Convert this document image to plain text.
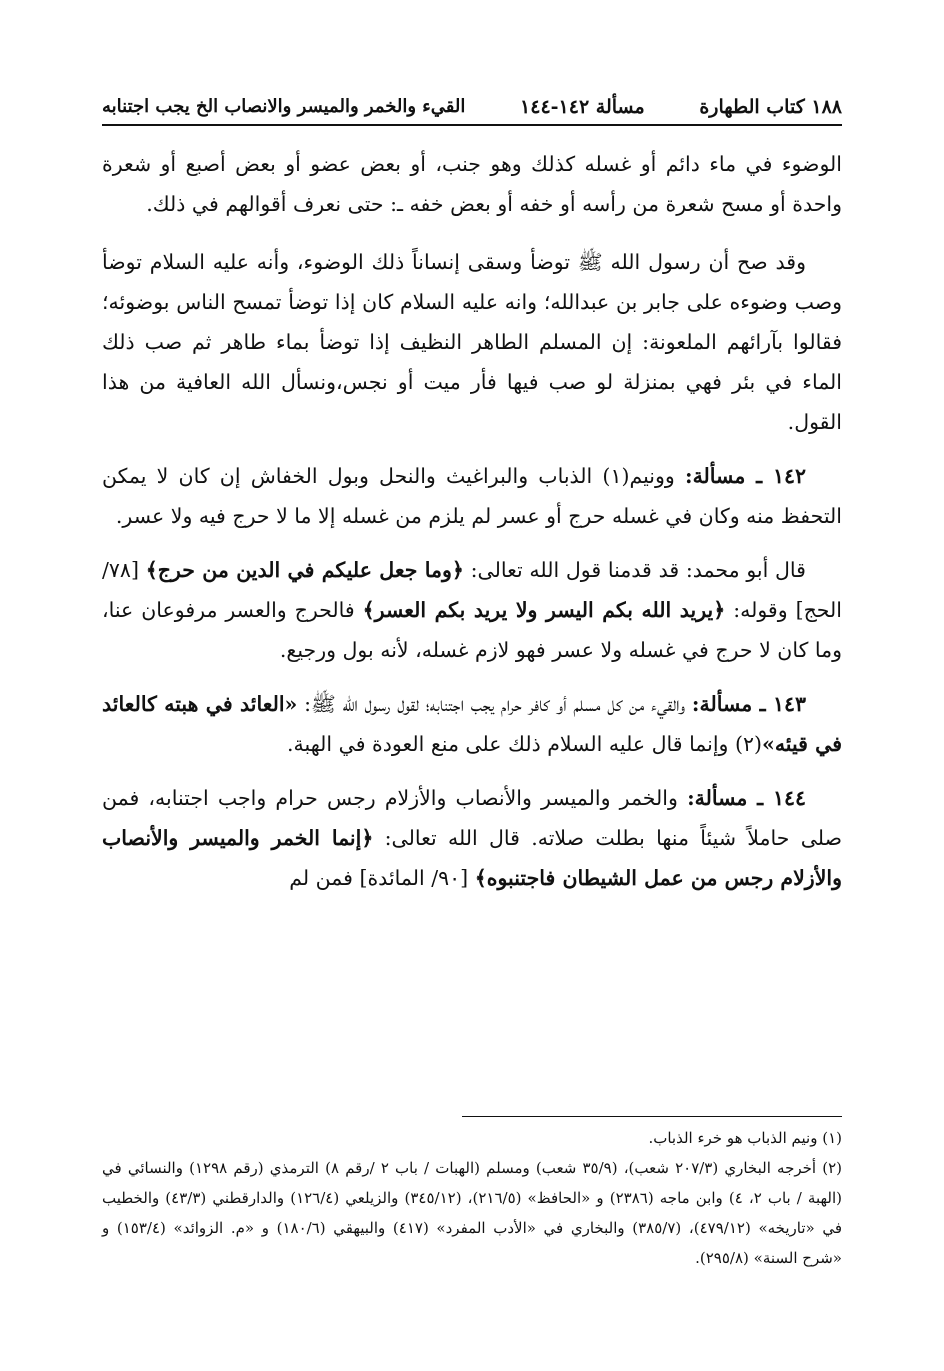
١٨٨ كتاب الطهارة
مسألة ١٤٢-١٤٤
القيء والخمر والميسر والانصاب الخ يجب اجتنابه

الوضوء في ماء دائم أو غسله كذلك وهو جنب، أو بعض عضو أو بعض أصبع أو شعرة واحدة أو مسح شعرة من رأسه أو خفه أو بعض خفه ـ: حتى نعرف أقوالهم في ذلك.

وقد صح أن رسول الله ﷺ توضأ وسقى إنساناً ذلك الوضوء، وأنه عليه السلام توضأ وصب وضوءه على جابر بن عبدالله؛ وانه عليه السلام كان إذا توضأ تمسح الناس بوضوئه؛ فقالوا بآرائهم الملعونة: إن المسلم الطاهر النظيف إذا توضأ بماء طاهر ثم صب ذلك الماء في بئر فهي بمنزلة لو صب فيها فأر ميت أو نجس،ونسأل الله العافية من هذا القول.

١٤٢ ـ مسألة: وونيم(١) الذباب والبراغيث والنحل وبول الخفاش إن كان لا يمكن التحفظ منه وكان في غسله حرج أو عسر لم يلزم من غسله إلا ما لا حرج فيه ولا عسر.

قال أبو محمد: قد قدمنا قول الله تعالى: ﴿وما جعل عليكم في الدين من حرج﴾ [٧٨/ الحج] وقوله: ﴿يريد الله بكم اليسر ولا يريد بكم العسر﴾ فالحرج والعسر مرفوعان عنا، وما كان لا حرج في غسله ولا عسر فهو لازم غسله، لأنه بول ورجيع.

١٤٣ ـ مسألة: والقيء من كل مسلم أو كافر حرام يجب اجتنابه؛ لقول رسول الله ﷺ: «العائد في هبته كالعائد في قيئه»(٢) وإنما قال عليه السلام ذلك على منع العودة في الهبة.

١٤٤ ـ مسألة: والخمر والميسر والأنصاب والأزلام رجس حرام واجب اجتنابه، فمن صلى حاملاً شيئاً منها بطلت صلاته. قال الله تعالى: ﴿إنما الخمر والميسر والأنصاب والأزلام رجس من عمل الشيطان فاجتنبوه﴾ [٩٠/ المائدة] فمن لم

(١) ونيم الذباب هو خرء الذباب.

(٢) أخرجه البخاري (٢٠٧/٣ شعب)، (٣٥/٩ شعب) ومسلم (الهبات / باب ٢ /رقم ٨) الترمذي (رقم ١٢٩٨) والنسائي في (الهبة / باب ٢، ٤) وابن ماجه (٢٣٨٦) و «الحافظ» (٢١٦/٥)، (٣٤٥/١٢) والزيلعي (١٢٦/٤) والدارقطني (٤٣/٣) والخطيب في «تاريخه» (٤٧٩/١٢)، (٣٨٥/٧) والبخاري في «الأدب المفرد» (٤١٧) والبيهقي (١٨٠/٦) و «م. الزوائد» (١٥٣/٤) و «شرح السنة» (٢٩٥/٨).
